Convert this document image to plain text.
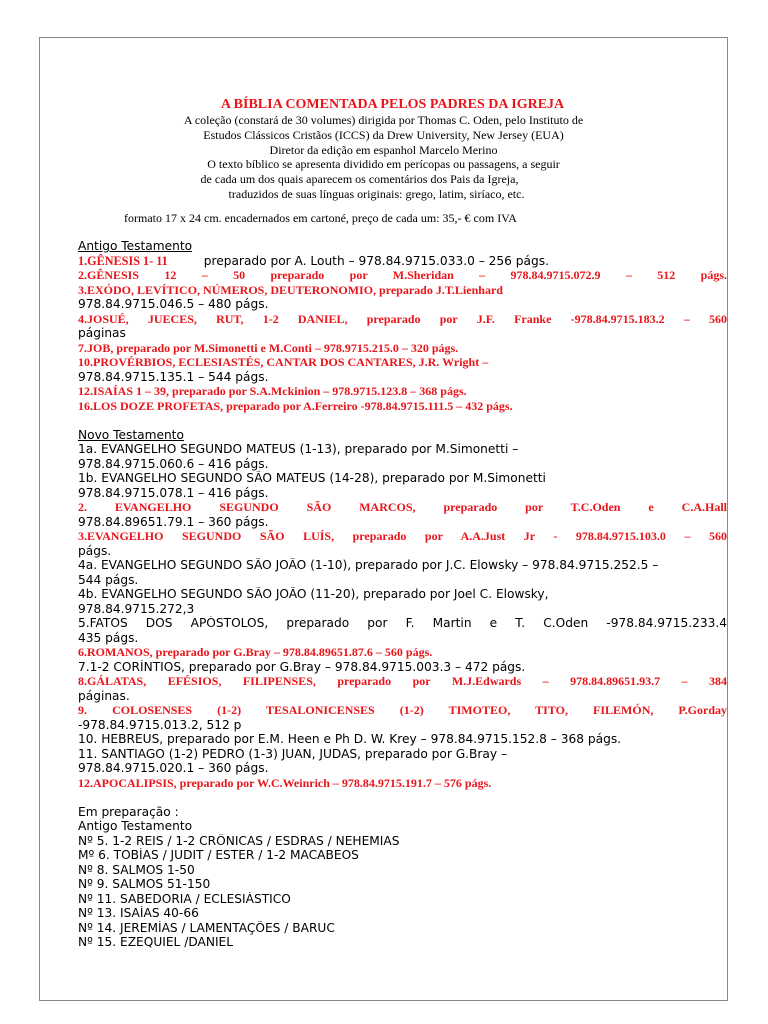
A BÍBLIA COMENTADA PELOS PADRES DA IGREJA
A coleção (constará de 30 volumes) dirigida por Thomas C. Oden, pelo Instituto de
Estudos Clássicos Cristãos (ICCS) da Drew University, New Jersey (EUA)
Diretor da edição em espanhol Marcelo Merino
O texto bíblico se apresenta dividido em perícopas ou passagens, a seguir
de cada um dos quais aparecem os comentários dos Pais da Igreja,
traduzidos de suas línguas originais: grego, latim, siríaco, etc.
formato 17 x 24 cm. encadernados em cartoné, preço de cada um: 35,- € com IVA
Antigo Testamento
1.GÊNESIS 1- 11	preparado por A. Louth – 978.84.9715.033.0 – 256 págs.
2.GÊNESIS 12 – 50 preparado por M.Sheridan – 978.84.9715.072.9 – 512 págs.
3.EXÓDO, LEVÍTICO, NÚMEROS, DEUTERONOMIO, preparado J.T.Lienhard
978.84.9715.046.5 – 480 págs.
4.JOSUÉ, JUECES, RUT, 1-2 DANIEL, preparado por J.F. Franke -978.84.9715.183.2 – 560
páginas
7.JOB, preparado por M.Simonetti e M.Conti – 978.9715.215.0 – 320 págs.
10.PROVÉRBIOS, ECLESIASTÉS, CANTAR DOS CANTARES, J.R. Wright –
978.84.9715.135.1 – 544 págs.
12.ISAÍAS 1 – 39, preparado por S.A.Mckinion – 978.9715.123.8 – 368 págs.
16.LOS DOZE PROFETAS, preparado por A.Ferreiro -978.84.9715.111.5 – 432 págs.
Novo Testamento
1a. EVANGELHO SEGUNDO MATEUS (1-13), preparado por M.Simonetti –
978.84.9715.060.6 – 416 págs.
1b. EVANGELHO SEGUNDO SÃO MATEUS (14-28), preparado por M.Simonetti
978.84.9715.078.1 – 416 págs.
2. EVANGELHO SEGUNDO SÃO MARCOS, preparado por T.C.Oden e C.A.Hall
978.84.89651.79.1 – 360 págs.
3.EVANGELHO SEGUNDO SÃO LUÍS, preparado por A.A.Just Jr - 978.84.9715.103.0 – 560
págs.
4a. EVANGELHO SEGUNDO SÃO JOÃO (1-10), preparado por J.C. Elowsky – 978.84.9715.252.5 –
544 págs.
4b. EVANGELHO SEGUNDO SÃO JOÃO (11-20), preparado por Joel C. Elowsky,
978.84.9715.272,3
5.FATOS DOS APÓSTOLOS, preparado por F. Martin e T. C.Oden -978.84.9715.233.4
435 págs.
6.ROMANOS, preparado por G.Bray – 978.84.89651.87.6 – 560 págs.
7.1-2 CORÍNTIOS, preparado por G.Bray – 978.84.9715.003.3 – 472 págs.
8.GÁLATAS, EFÉSIOS, FILIPENSES, preparado por M.J.Edwards – 978.84.89651.93.7 – 384
páginas.
9. COLOSENSES (1-2) TESALONICENSES (1-2) TIMOTEO, TITO, FILEMÓN, P.Gorday
-978.84.9715.013.2, 512 p
10. HEBREUS, preparado por E.M. Heen e Ph D. W. Krey – 978.84.9715.152.8 – 368 págs.
11. SANTIAGO (1-2) PEDRO (1-3) JUAN, JUDAS, preparado por G.Bray –
978.84.9715.020.1 – 360 págs.
12.APOCALIPSIS, preparado por W.C.Weinrich – 978.84.9715.191.7 – 576 págs.
Em preparação :
Antigo Testamento
Nº 5. 1-2 REIS / 1-2 CRÔNICAS / ESDRAS / NEHEMIAS
Mº 6. TOBÍAS / JUDIT / ESTER / 1-2 MACABEOS
Nº 8. SALMOS 1-50
Nº 9. SALMOS 51-150
Nº 11. SABEDORIA / ECLESIÁSTICO
Nº 13. ISAÍAS 40-66
Nº 14. JEREMÍAS / LAMENTAÇÕES / BARUC
Nº 15. EZEQUIEL /DANIEL
